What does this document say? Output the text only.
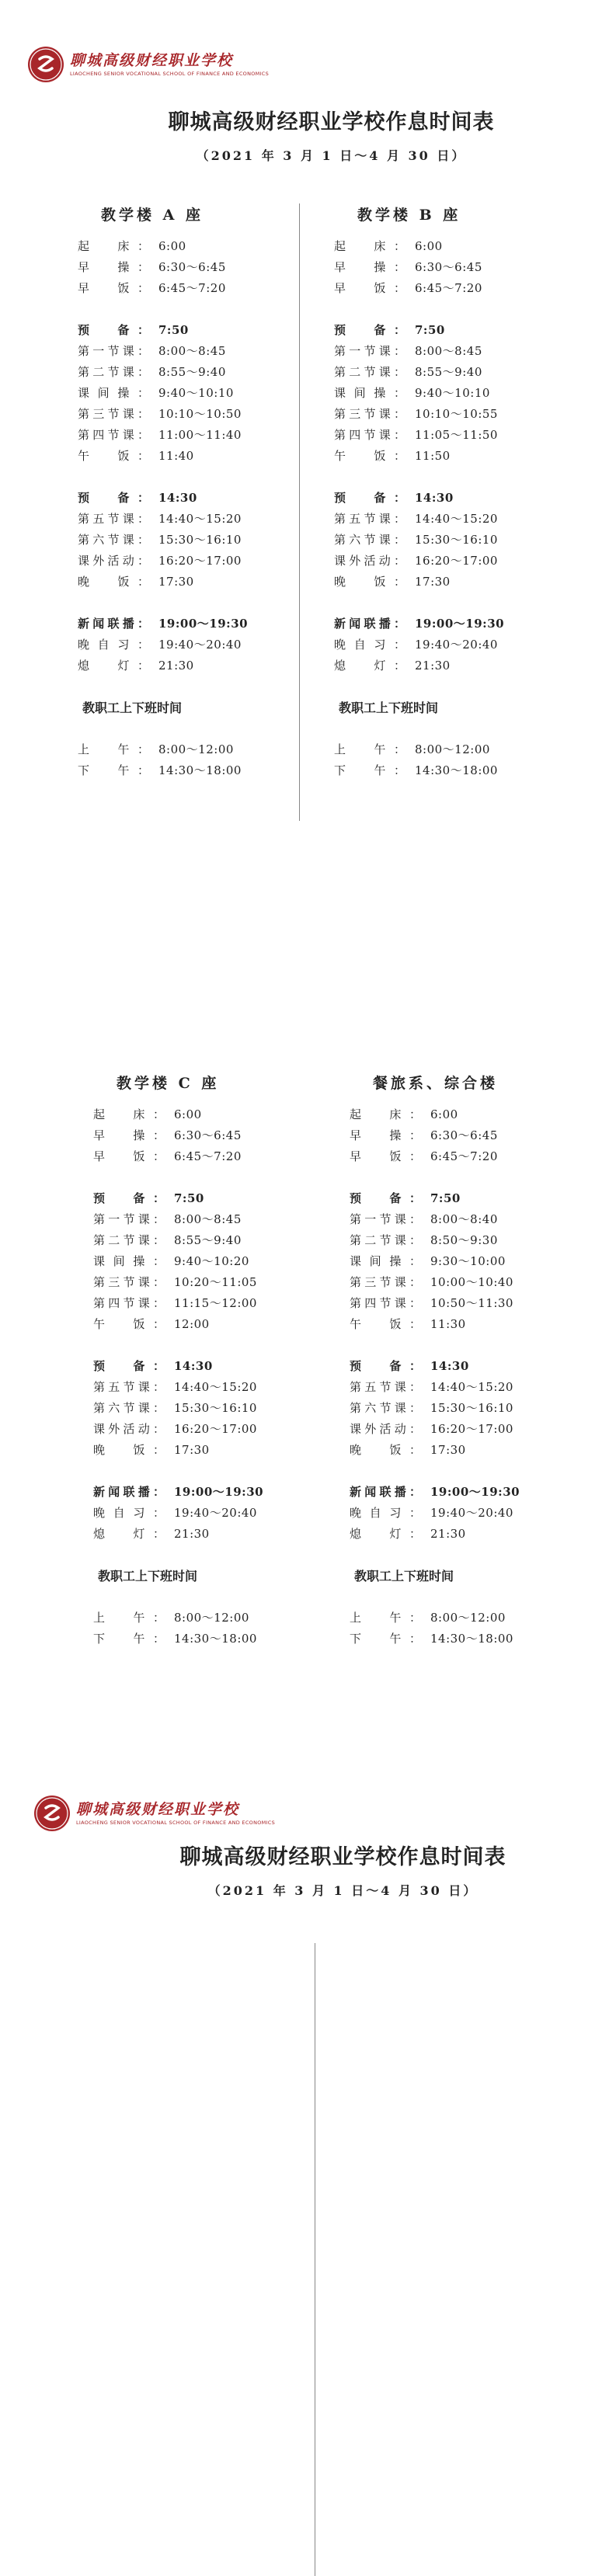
聊城高级财经职业学校
LIAOCHENG SENIOR VOCATIONAL SCHOOL OF FINANCE AND ECONOMICS
聊城高级财经职业学校作息时间表
（2021 年 3 月 1 日～4 月 30 日）
教学楼 A 座
起　床： 6:00
早　操： 6:30～6:45
早　饭： 6:45～7:20
预　备： 7:50
第一节课： 8:00～8:45
第二节课： 8:55～9:40
课间操： 9:40～10:10
第三节课： 10:10～10:50
第四节课： 11:00～11:40
午　饭： 11:40
预　备： 14:30
第五节课： 14:40～15:20
第六节课： 15:30～16:10
课外活动： 16:20～17:00
晚　饭： 17:30
新闻联播： 19:00～19:30
晚自习： 19:40～20:40
熄　灯： 21:30
教职工上下班时间
上　午： 8:00～12:00
下　午： 14:30～18:00
教学楼 B 座
起　床： 6:00
早　操： 6:30～6:45
早　饭： 6:45～7:20
预　备： 7:50
第一节课： 8:00～8:45
第二节课： 8:55～9:40
课间操： 9:40～10:10
第三节课： 10:10～10:55
第四节课： 11:05～11:50
午　饭： 11:50
预　备： 14:30
第五节课： 14:40～15:20
第六节课： 15:30～16:10
课外活动： 16:20～17:00
晚　饭： 17:30
新闻联播： 19:00～19:30
晚自习： 19:40～20:40
熄　灯： 21:30
教职工上下班时间
上　午： 8:00～12:00
下　午： 14:30～18:00
聊城高级财经职业学校
LIAOCHENG SENIOR VOCATIONAL SCHOOL OF FINANCE AND ECONOMICS
聊城高级财经职业学校作息时间表
（2021 年 3 月 1 日～4 月 30 日）
教学楼 C 座
起　床： 6:00
早　操： 6:30～6:45
早　饭： 6:45～7:20
预　备： 7:50
第一节课： 8:00～8:45
第二节课： 8:55～9:40
课间操： 9:40～10:20
第三节课： 10:20～11:05
第四节课： 11:15～12:00
午　饭： 12:00
预　备： 14:30
第五节课： 14:40～15:20
第六节课： 15:30～16:10
课外活动： 16:20～17:00
晚　饭： 17:30
新闻联播： 19:00～19:30
晚自习： 19:40～20:40
熄　灯： 21:30
教职工上下班时间
上　午： 8:00～12:00
下　午： 14:30～18:00
餐旅系、综合楼
起　床： 6:00
早　操： 6:30～6:45
早　饭： 6:45～7:20
预　备： 7:50
第一节课： 8:00～8:40
第二节课： 8:50～9:30
课间操： 9:30～10:00
第三节课： 10:00～10:40
第四节课： 10:50～11:30
午　饭： 11:30
预　备： 14:30
第五节课： 14:40～15:20
第六节课： 15:30～16:10
课外活动： 16:20～17:00
晚　饭： 17:30
新闻联播： 19:00～19:30
晚自习： 19:40～20:40
熄　灯： 21:30
教职工上下班时间
上　午： 8:00～12:00
下　午： 14:30～18:00
